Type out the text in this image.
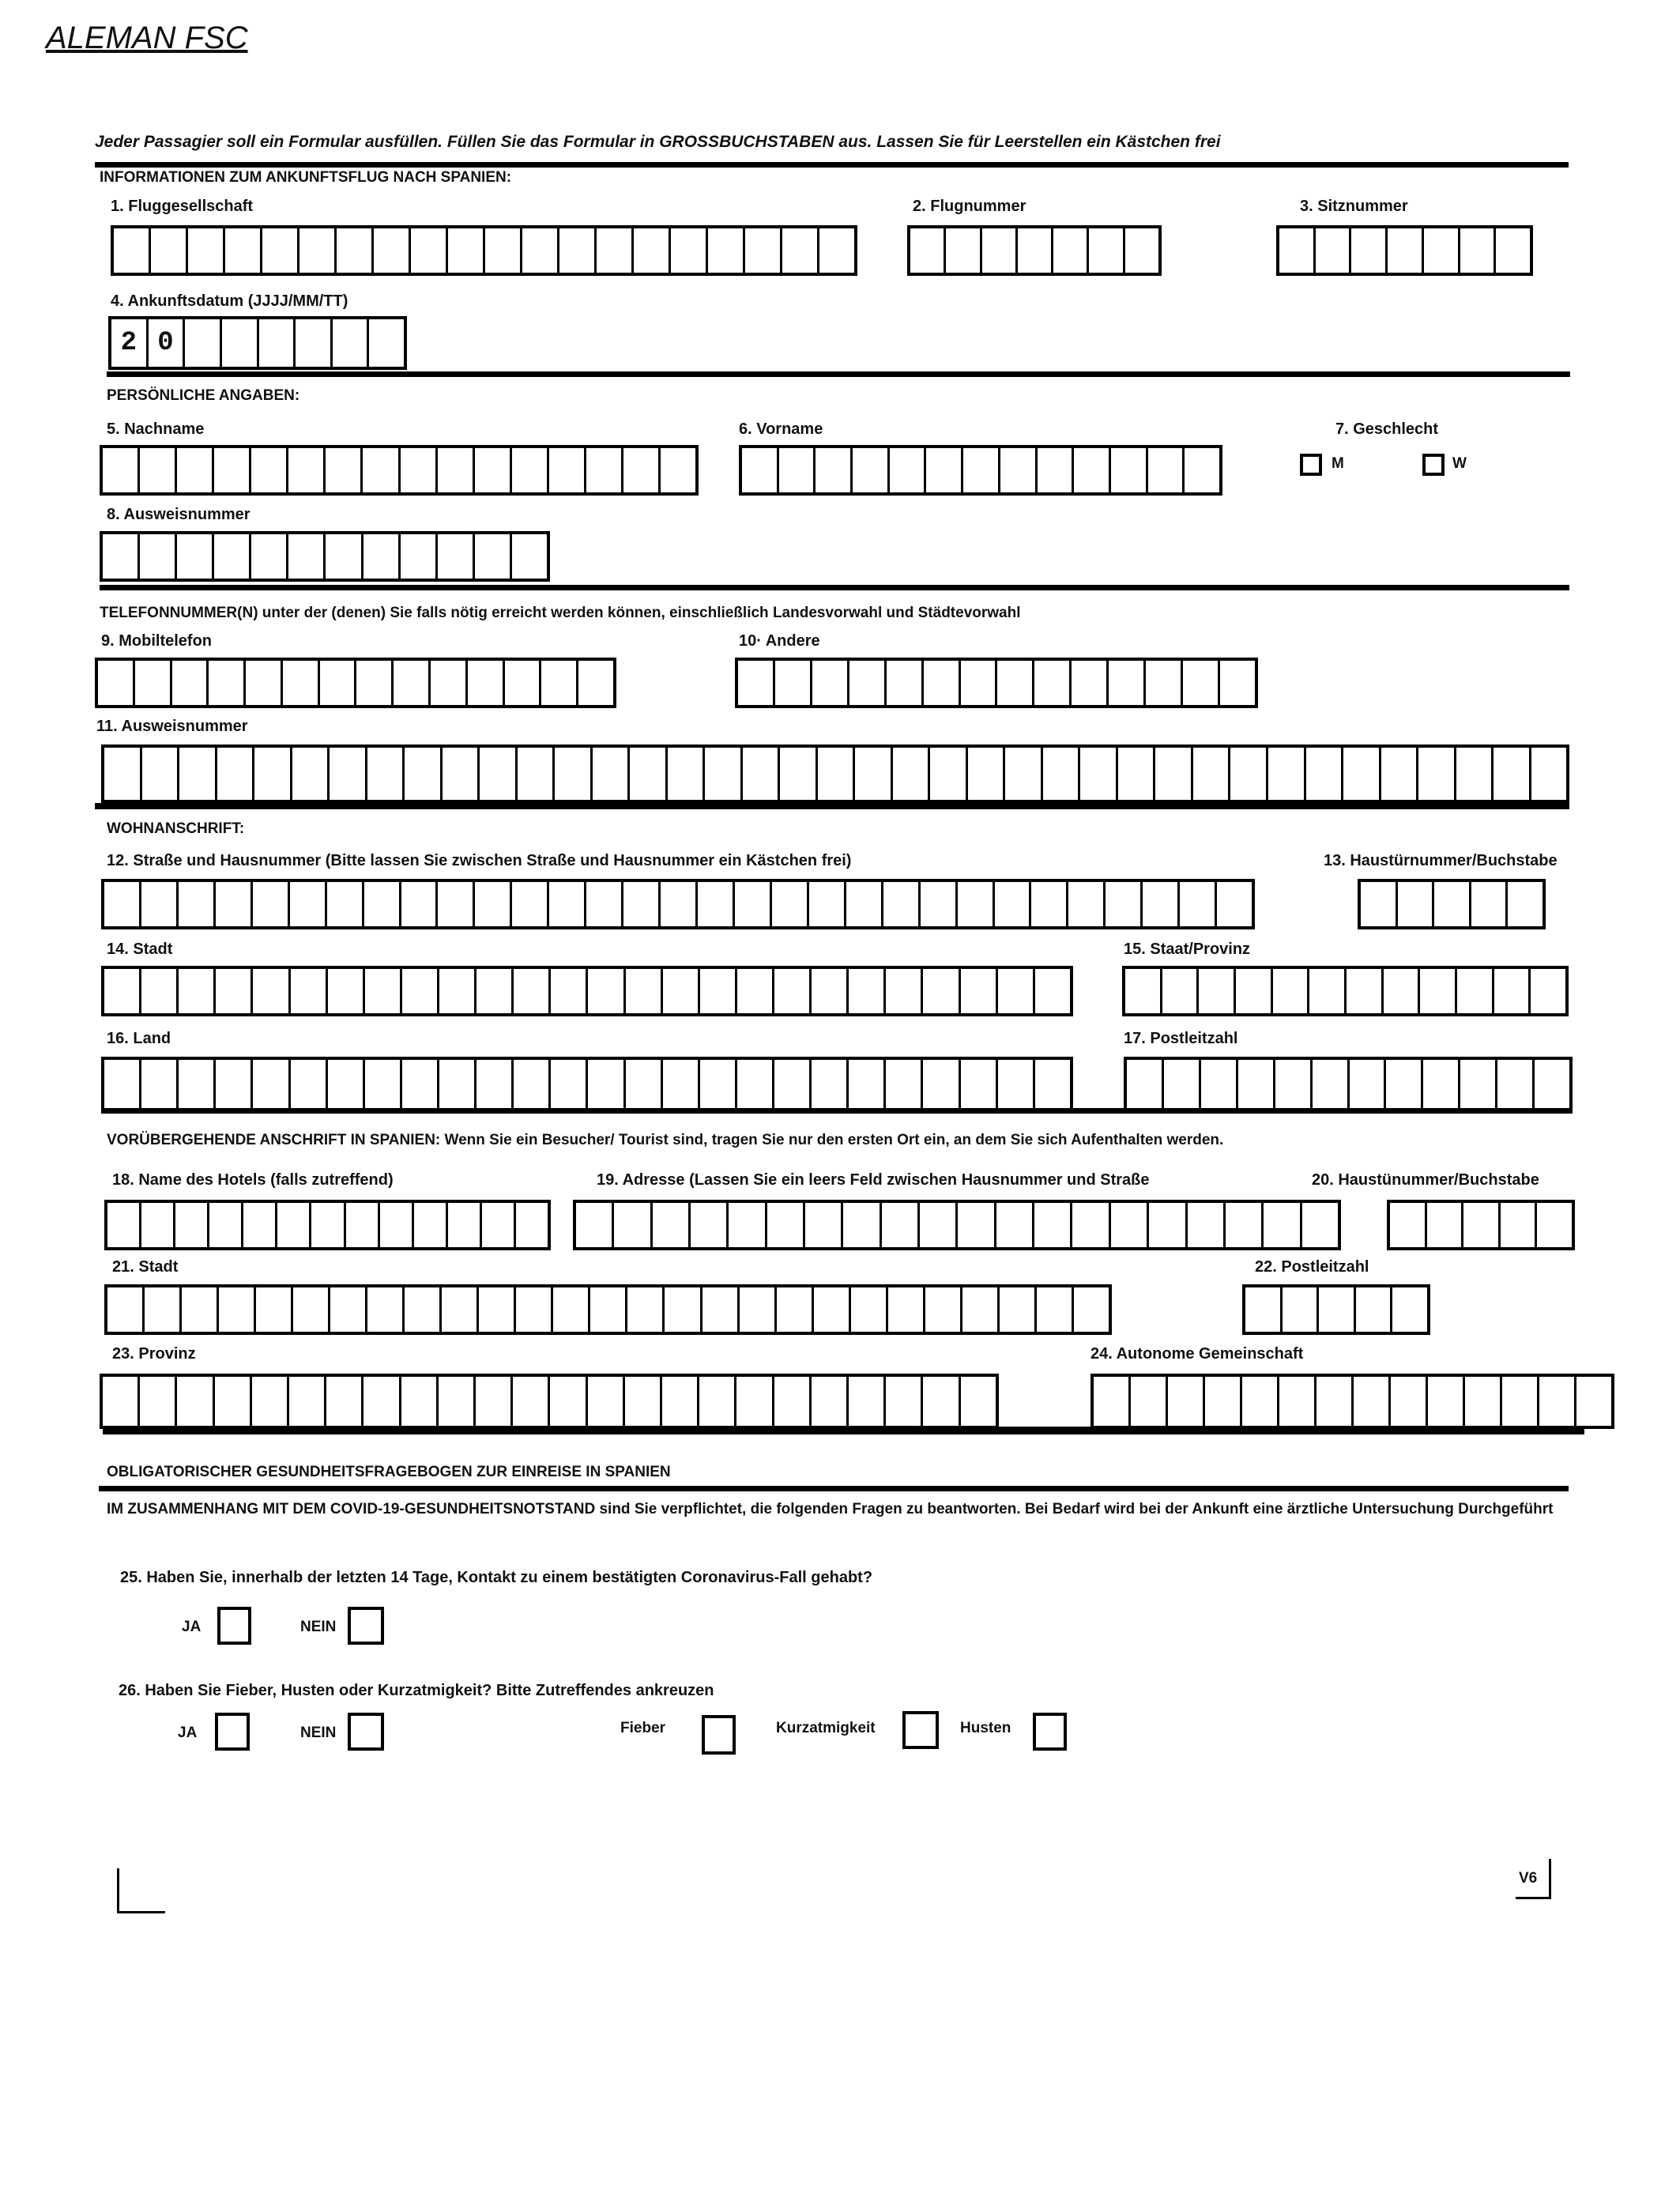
ALEMAN FSC
Jeder Passagier soll ein Formular ausfüllen. Füllen Sie das Formular in GROSSBUCHSTABEN aus. Lassen Sie für Leerstellen ein Kästchen frei
INFORMATIONEN ZUM ANKUNFTSFLUG NACH SPANIEN:
1. Fluggesellschaft	2. Flugnummer	3. Sitznummer
4. Ankunftsdatum (JJJJ/MM/TT)
2 0
PERSÖNLICHE ANGABEN:
5. Nachname	6. Vorname	7. Geschlecht
M	W
8. Ausweisnummer
TELEFONNUMMER(N) unter der (denen) Sie falls nötig erreicht werden können, einschließlich Landesvorwahl und Städtevorwahl
9. Mobiltelefon	10· Andere
11. Ausweisnummer
WOHNANSCHRIFT:
12. Straße und Hausnummer (Bitte lassen Sie zwischen Straße und Hausnummer ein Kästchen frei)	13. Haustürnummer/Buchstabe
14. Stadt	15. Staat/Provinz
16. Land	17. Postleitzahl
VORÜBERGEHENDE ANSCHRIFT IN SPANIEN: Wenn Sie ein Besucher/ Tourist sind, tragen Sie nur den ersten Ort ein, an dem Sie sich Aufenthalten werden.
18. Name des Hotels (falls zutreffend)	19. Adresse (Lassen Sie ein leers Feld zwischen Hausnummer und Straße	20. Haustünummer/Buchstabe
21. Stadt	22. Postleitzahl
23. Provinz	24. Autonome Gemeinschaft
OBLIGATORISCHER GESUNDHEITSFRAGEBOGEN ZUR EINREISE IN SPANIEN
IM ZUSAMMENHANG MIT DEM COVID-19-GESUNDHEITSNOTSTAND sind Sie verpflichtet, die folgenden Fragen zu beantworten. Bei Bedarf wird bei der Ankunft eine ärztliche Untersuchung Durchgeführt
25. Haben Sie, innerhalb der letzten 14 Tage, Kontakt zu einem bestätigten Coronavirus-Fall gehabt?
JA	NEIN
26. Haben Sie Fieber, Husten oder Kurzatmigkeit? Bitte Zutreffendes ankreuzen
JA	NEIN	Fieber	Kurzatmigkeit	Husten
V6
